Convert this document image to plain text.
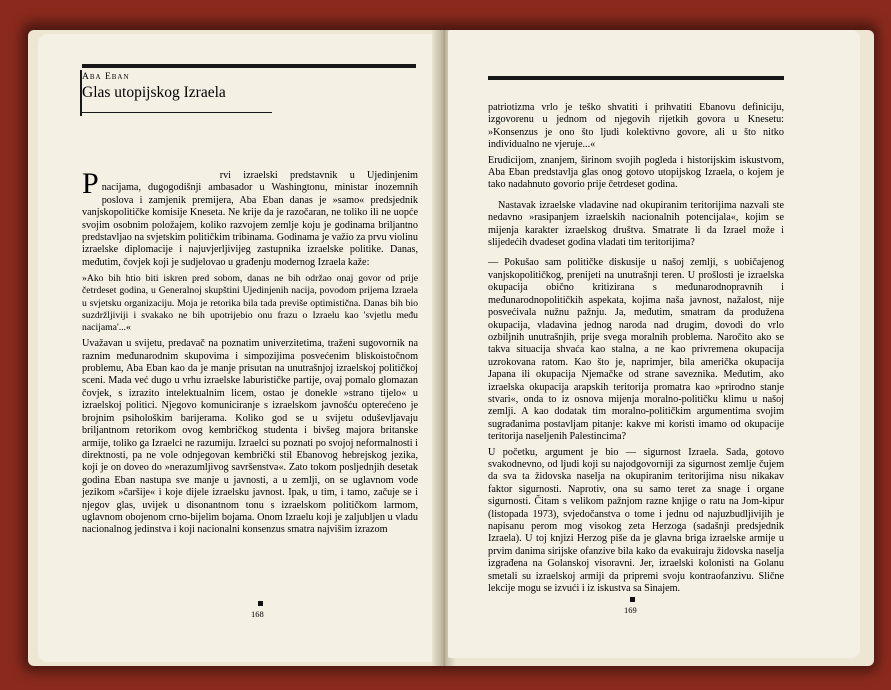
Aba Eban
Glas utopijskog Izraela

P	rvi izraelski predstavnik u Ujedinjenim nacijama, dugogodišnji ambasador u Washingtonu, ministar inozemnih poslova i zamjenik premijera, Aba Eban danas je »samo« predsjednik vanjskopolitičke komisije Kneseta. Ne krije da je razočaran, ne toliko ili ne uopće svojim osobnim položajem, koliko razvojem zemlje koju je godinama briljantno predstavljao na svjetskim političkim tribinama. Godinama je važio za prvu violinu izraelske diplomacije i najuvjerljivijeg zastupnika izraelske politike. Danas, međutim, čovjek koji je sudjelovao u građenju modernog Izraela kaže:

»Ako bih htio biti iskren pred sobom, danas ne bih održao onaj govor od prije četrdeset godina, u Generalnoj skupštini Ujedinjenih nacija, povodom prijema Izraela u svjetsku organizaciju. Moja je retorika bila tada previše optimistična. Danas bih bio suzdržljiviji i svakako ne bih upotrijebio onu frazu o Izraelu kao 'svjetlu među nacijama'...«

Uvažavan u svijetu, predavač na poznatim univerzitetima, traženi sugovornik na raznim međunarodnim skupovima i simpozijima posvećenim bliskoistočnom problemu, Aba Eban kao da je manje prisutan na unutrašnjoj izraelskoj političkoj sceni. Mada već dugo u vrhu izraelske laburističke partije, ovaj pomalo glomazan čovjek, s izrazito intelektualnim licem, ostao je donekle »strano tijelo« u izraelskoj politici. Njegovo komuniciranje s izraelskom javnošću opterećeno je brojnim psihološkim barijerama. Koliko god se u svijetu oduševljavaju briljantnom retorikom ovog kembričkog studenta i bivšeg majora britanske armije, toliko ga Izraelci ne razumiju. Izraelci su poznati po svojoj neformalnosti i direktnosti, pa ne vole odnjegovan kembrički stil Ebanovog hebrejskog jezika, koji je on doveo do »nerazumljivog savršenstva«. Zato tokom posljednjih desetak godina Eban nastupa sve manje u javnosti, a u zemlji, on se uglavnom vode jezikom »čaršije« i koje dijele izraelsku javnost. Ipak, u tim, i tamo, začuje se i njegov glas, uvijek u disonantnom tonu s izraelskom političkom larmom, uglavnom obojenom crno-bijelim bojama. Onom Izraelu koji je zaljubljen u vladu nacionalnog jedinstva i koji nacionalni konsenzus smatra najvišim izrazom

168

patriotizma vrlo je teško shvatiti i prihvatiti Ebanovu definiciju, izgovorenu u jednom od njegovih rijetkih govora u Knesetu: »Konsenzus je ono što ljudi kolektivno govore, ali u što nitko individualno ne vjeruje...«

Erudicijom, znanjem, širinom svojih pogleda i historijskim iskustvom, Aba Eban predstavlja glas onog gotovo utopijskog Izraela, o kojem je tako nadahnuto govorio prije četrdeset godina.

Nastavak izraelske vladavine nad okupiranim teritorijima nazvali ste nedavno »rasipanjem izraelskih nacionalnih potencijala«, kojim se mijenja karakter izraelskog društva. Smatrate li da Izrael može i slijedećih dvadeset godina vladati tim teritorijima?

— Pokušao sam političke diskusije u našoj zemlji, s uobičajenog vanjskopolitičkog, prenijeti na unutrašnji teren. U prošlosti je izraelska okupacija obično kritizirana s međunarodnopravnih i međunarodnopolitičkih aspekata, kojima naša javnost, nažalost, nije posvećivala nužnu pažnju. Ja, međutim, smatram da produžena okupacija, vladavina jednog naroda nad drugim, dovodi do vrlo ozbiljnih unutrašnjih, prije svega moralnih problema. Naročito ako se takva situacija shvaća kao stalna, a ne kao privremena okupacija uzrokovana ratom. Kao što je, naprimjer, bila američka okupacija Japana ili okupacija Njemačke od strane saveznika. Međutim, ako izraelska okupacija arapskih teritorija promatra kao »prirodno stanje stvari«, onda to iz osnova mijenja moralno-političku klimu u našoj zemlji. A kao dodatak tim moralno-političkim argumentima svojim sugrađanima postavljam pitanje: kakve mi koristi imamo od okupacije teritorija naseljenih Palestincima?

U početku, argument je bio — sigurnost Izraela. Sada, gotovo svakodnevno, od ljudi koji su najodgovorniji za sigurnost zemlje čujem da sva ta židovska naselja na okupiranim teritorijima nisu nikakav faktor sigurnosti. Naprotiv, ona su samo teret za snage i organe sigurnosti. Čitam s velikom pažnjom razne knjige o ratu na Jom-kipur (listopada 1973), svjedočanstva o tome i jednu od najuzbudljivijih je napisanu perom mog visokog zeta Herzoga (sadašnji predsjednik Izraela). U toj knjizi Herzog piše da je glavna briga izraelske armije u prvim danima sirijske ofanzive bila kako da evakuiraju židovska naselja izgrađena na Golanskoj visoravni. Jer, izraelski kolonisti na Golanu smetali su izraelskoj armiji da pripremi svoju kontraofanzivu. Slične lekcije mogu se izvući i iz iskustva sa Sinajem.

169
